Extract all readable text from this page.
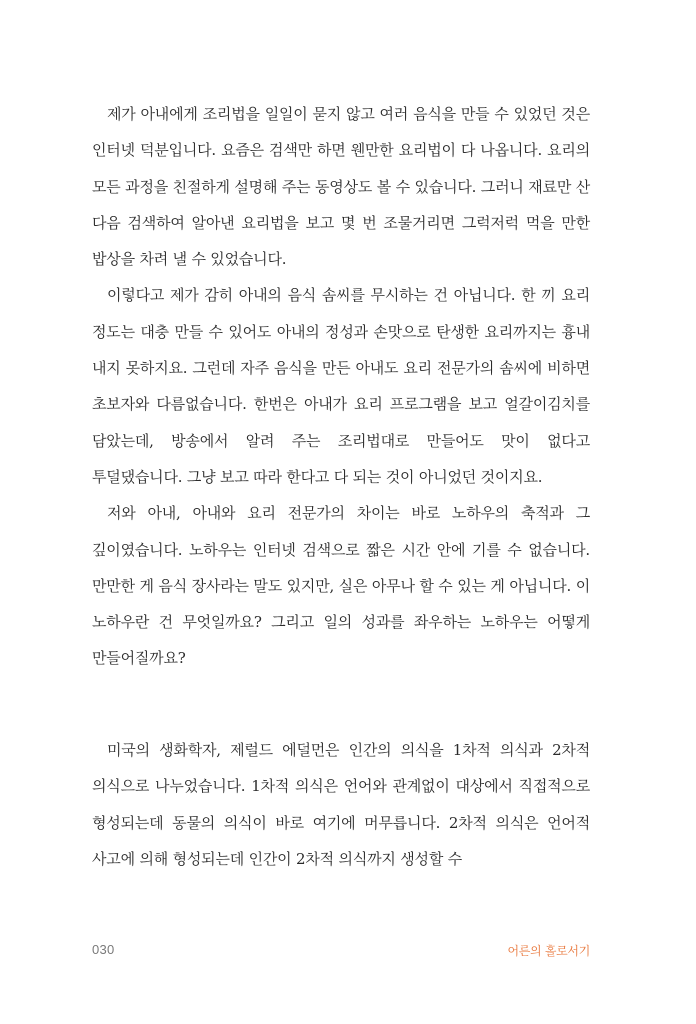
제가 아내에게 조리법을 일일이 묻지 않고 여러 음식을 만들 수 있었던 것은 인터넷 덕분입니다. 요즘은 검색만 하면 웬만한 요리법이 다 나옵니다. 요리의 모든 과정을 친절하게 설명해 주는 동영상도 볼 수 있습니다. 그러니 재료만 산 다음 검색하여 알아낸 요리법을 보고 몇 번 조물거리면 그럭저럭 먹을 만한 밥상을 차려 낼 수 있었습니다.

이렇다고 제가 감히 아내의 음식 솜씨를 무시하는 건 아닙니다. 한 끼 요리 정도는 대충 만들 수 있어도 아내의 정성과 손맛으로 탄생한 요리까지는 흉내 내지 못하지요. 그런데 자주 음식을 만든 아내도 요리 전문가의 솜씨에 비하면 초보자와 다름없습니다. 한번은 아내가 요리 프로그램을 보고 얼갈이김치를 담았는데, 방송에서 알려 주는 조리법대로 만들어도 맛이 없다고 투덜댔습니다. 그냥 보고 따라 한다고 다 되는 것이 아니었던 것이지요.

저와 아내, 아내와 요리 전문가의 차이는 바로 노하우의 축적과 그 깊이였습니다. 노하우는 인터넷 검색으로 짧은 시간 안에 기를 수 없습니다. 만만한 게 음식 장사라는 말도 있지만, 실은 아무나 할 수 있는 게 아닙니다. 이 노하우란 건 무엇일까요? 그리고 일의 성과를 좌우하는 노하우는 어떻게 만들어질까요?

미국의 생화학자, 제럴드 에덜먼은 인간의 의식을 1차적 의식과 2차적 의식으로 나누었습니다. 1차적 의식은 언어와 관계없이 대상에서 직접적으로 형성되는데 동물의 의식이 바로 여기에 머무릅니다. 2차적 의식은 언어적 사고에 의해 형성되는데 인간이 2차적 의식까지 생성할 수

030	어른의 홀로서기
